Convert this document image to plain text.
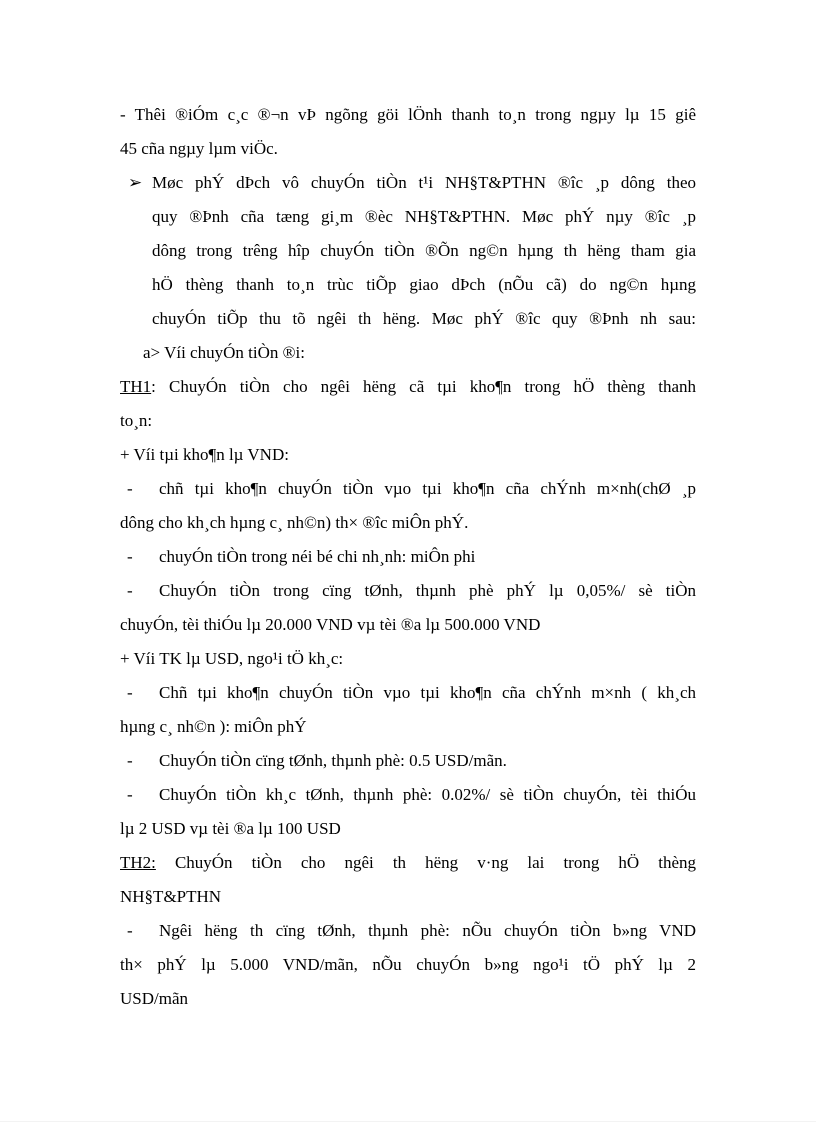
- Thêi ®iÓm c¸c ®¬n vÞ ngõng göi lÖnh thanh to¸n trong ngµy lµ 15 giê
45 cña ngµy lµm viÖc.
➢ Møc phÝ dÞch vô chuyÓn tiÒn t¹i NH§T&PTHN ®îc ¸p dông theo
quy ®Þnh cña tæng gi¸m ®èc NH§T&PTHN. Møc phÝ nµy ®îc ¸p
dông trong trêng hîp chuyÓn tiÒn ®Õn ng©n hµng th hëng tham gia
hÖ thèng thanh to¸n trùc tiÕp giao dÞch (nÕu cã) do ng©n hµng
chuyÓn tiÕp thu tõ ngêi th hëng. Møc phÝ ®îc quy ®Þnh nh sau:
a> Víi chuyÓn tiÒn ®i:
TH1: ChuyÓn tiÒn cho ngêi hëng cã tµi kho¶n trong hÖ thèng thanh
to¸n:
+ Víi tµi kho¶n lµ VND:
- chñ tµi kho¶n chuyÓn tiÒn vµo tµi kho¶n cña chÝnh m×nh(chØ ¸p
dông cho kh¸ch hµng c¸ nh©n) th× ®îc miÔn phÝ.
- chuyÓn tiÒn trong néi bé chi nh¸nh: miÔn phi
- ChuyÓn tiÒn trong cïng tØnh, thµnh phè phÝ lµ 0,05%/ sè tiÒn
chuyÓn, tèi thiÓu lµ 20.000 VND vµ tèi ®a lµ 500.000 VND
+ Víi TK lµ USD, ngo¹i tÖ kh¸c:
- Chñ tµi kho¶n chuyÓn tiÒn vµo tµi kho¶n cña chÝnh m×nh ( kh¸ch
hµng c¸ nh©n ): miÔn phÝ
- ChuyÓn tiÒn cïng tØnh, thµnh phè: 0.5 USD/mãn.
- ChuyÓn tiÒn kh¸c tØnh, thµnh phè: 0.02%/ sè tiÒn chuyÓn, tèi thiÓu
lµ 2 USD vµ tèi ®a lµ 100 USD
TH2: ChuyÓn tiÒn cho ngêi th hëng v·ng lai trong hÖ thèng
NH§T&PTHN
- Ngêi hëng th cïng tØnh, thµnh phè: nÕu chuyÓn tiÒn b»ng VND
th× phÝ lµ 5.000 VND/mãn, nÕu chuyÓn b»ng ngo¹i tÖ phÝ lµ 2
USD/mãn
